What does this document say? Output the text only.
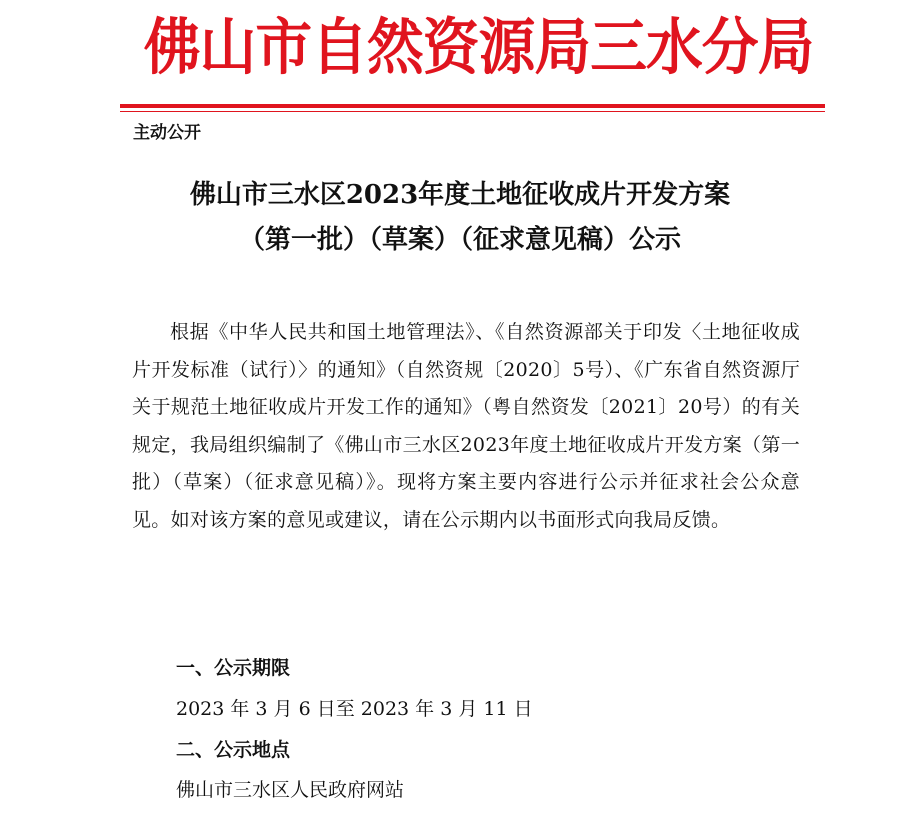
佛山市自然资源局三水分局
主动公开
佛山市三水区2023年度土地征收成片开发方案
（第一批）（草案）（征求意见稿）公示
根据《中华人民共和国土地管理法》、《自然资源部关于印发〈土地征收成片开发标准（试行）〉的通知》（自然资规〔2020〕5号）、《广东省自然资源厅关于规范土地征收成片开发工作的通知》（粤自然资发〔2021〕20号）的有关规定，我局组织编制了《佛山市三水区2023年度土地征收成片开发方案（第一批）（草案）（征求意见稿）》。现将方案主要内容进行公示并征求社会公众意见。如对该方案的意见或建议，请在公示期内以书面形式向我局反馈。
一、公示期限
2023 年 3 月 6 日至 2023 年 3 月 11 日
二、公示地点
佛山市三水区人民政府网站
